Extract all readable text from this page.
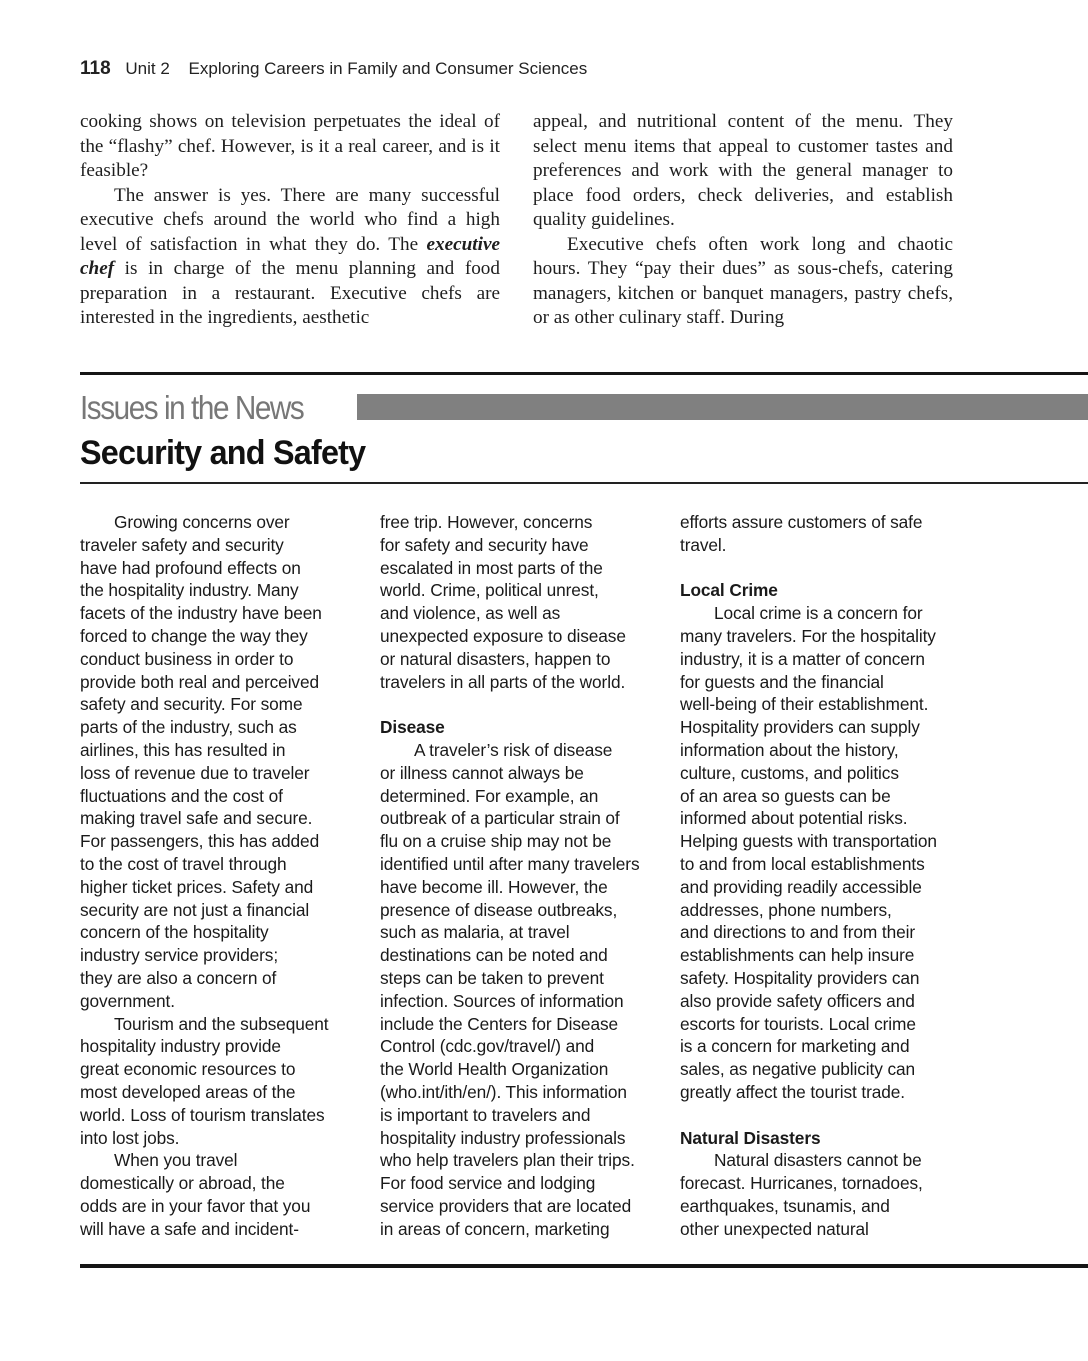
118 Unit 2 Exploring Careers in Family and Consumer Sciences

cooking shows on television perpetuates the ideal of the “flashy” chef. However, is it a real career, and is it feasible?

The answer is yes. There are many successful executive chefs around the world who find a high level of satisfaction in what they do. The executive chef is in charge of the menu planning and food preparation in a restaurant. Executive chefs are interested in the ingredients, aesthetic

appeal, and nutritional content of the menu. They select menu items that appeal to customer tastes and preferences and work with the general manager to place food orders, check deliveries, and establish quality guidelines.

Executive chefs often work long and chaotic hours. They “pay their dues” as sous-chefs, catering managers, kitchen or banquet managers, pastry chefs, or as other culinary staff. During

Issues in the News
Security and Safety

Growing concerns over
traveler safety and security
have had profound effects on
the hospitality industry. Many
facets of the industry have been
forced to change the way they
conduct business in order to
provide both real and perceived
safety and security. For some
parts of the industry, such as
airlines, this has resulted in
loss of revenue due to traveler
fluctuations and the cost of
making travel safe and secure.
For passengers, this has added
to the cost of travel through
higher ticket prices. Safety and
security are not just a financial
concern of the hospitality
industry service providers;
they are also a concern of
government.

Tourism and the subsequent
hospitality industry provide
great economic resources to
most developed areas of the
world. Loss of tourism translates
into lost jobs.

When you travel
domestically or abroad, the
odds are in your favor that you
will have a safe and incident-

free trip. However, concerns
for safety and security have
escalated in most parts of the
world. Crime, political unrest,
and violence, as well as
unexpected exposure to disease
or natural disasters, happen to
travelers in all parts of the world.

Disease

A traveler’s risk of disease
or illness cannot always be
determined. For example, an
outbreak of a particular strain of
flu on a cruise ship may not be
identified until after many travelers
have become ill. However, the
presence of disease outbreaks,
such as malaria, at travel
destinations can be noted and
steps can be taken to prevent
infection. Sources of information
include the Centers for Disease
Control (cdc.gov/travel/) and
the World Health Organization
(who.int/ith/en/). This information
is important to travelers and
hospitality industry professionals
who help travelers plan their trips.
For food service and lodging
service providers that are located
in areas of concern, marketing

efforts assure customers of safe
travel.

Local Crime

Local crime is a concern for
many travelers. For the hospitality
industry, it is a matter of concern
for guests and the financial
well-being of their establishment.
Hospitality providers can supply
information about the history,
culture, customs, and politics
of an area so guests can be
informed about potential risks.
Helping guests with transportation
to and from local establishments
and providing readily accessible
addresses, phone numbers,
and directions to and from their
establishments can help insure
safety. Hospitality providers can
also provide safety officers and
escorts for tourists. Local crime
is a concern for marketing and
sales, as negative publicity can
greatly affect the tourist trade.

Natural Disasters

Natural disasters cannot be
forecast. Hurricanes, tornadoes,
earthquakes, tsunamis, and
other unexpected natural
